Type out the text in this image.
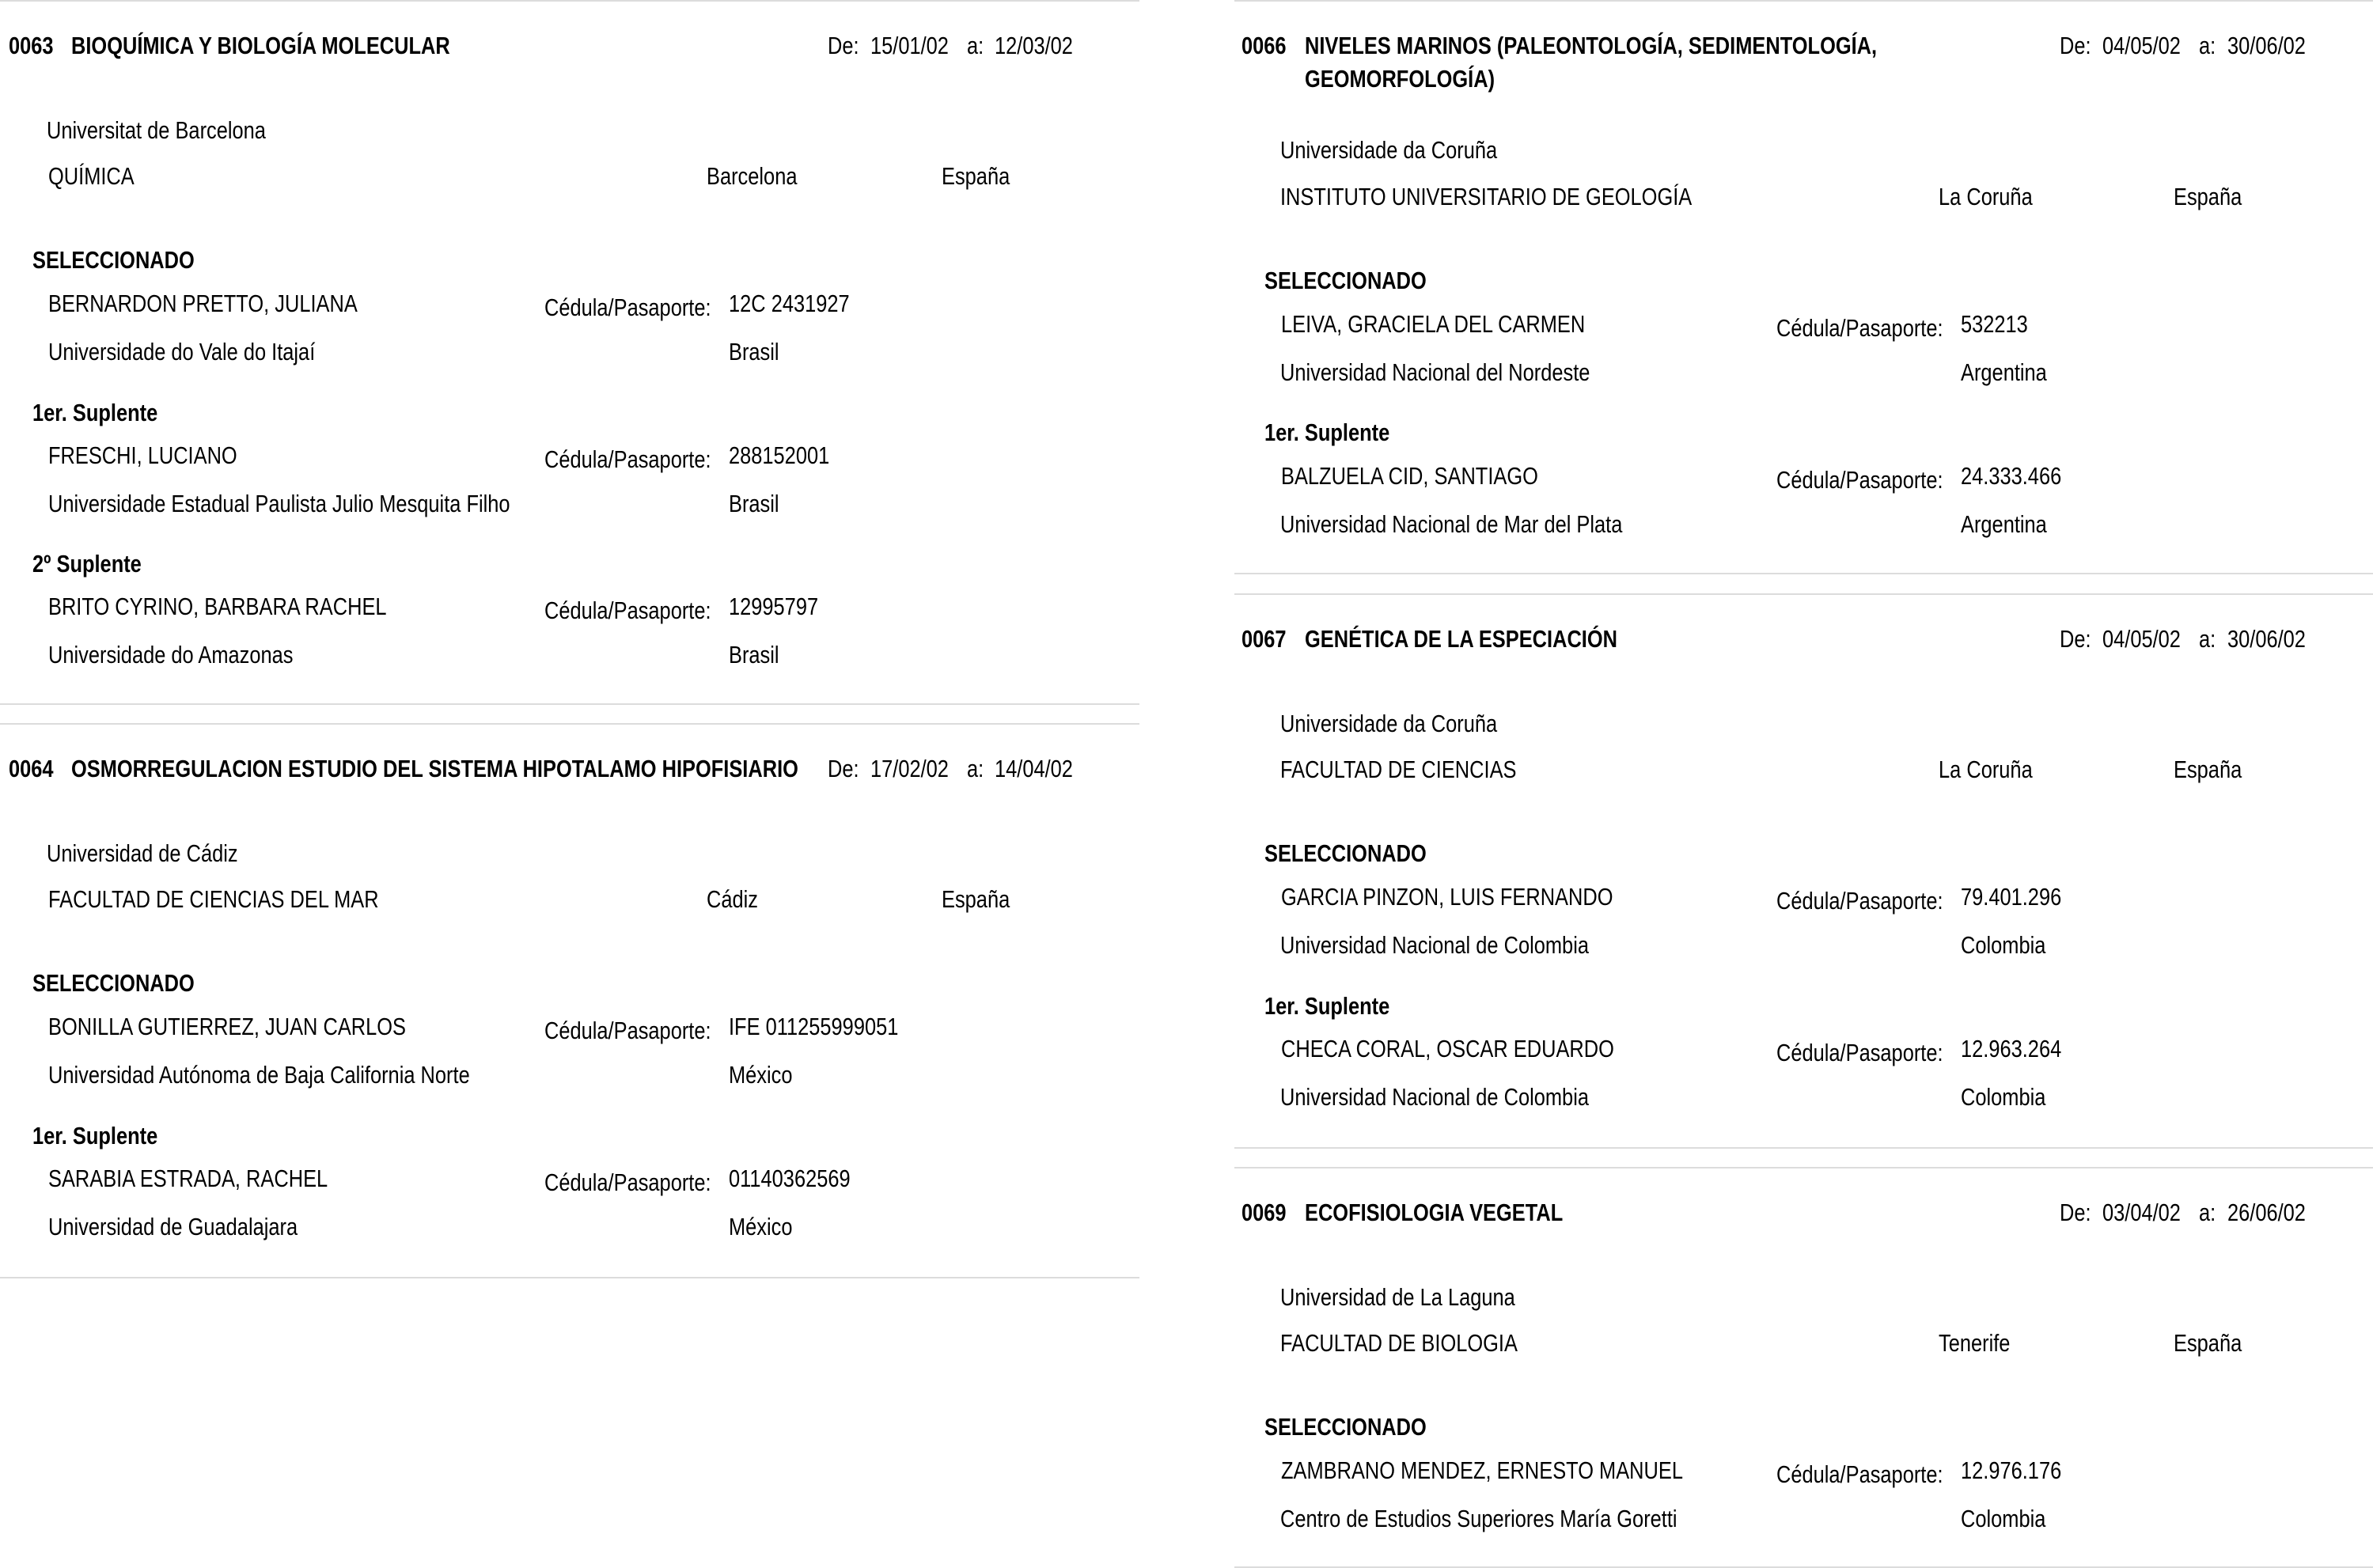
0063 BIOQUÍMICA Y BIOLOGÍA MOLECULAR	De: 15/01/02 a: 12/03/02
Universitat de Barcelona
QUÍMICA	Barcelona	España
SELECCIONADO
BERNARDON PRETTO, JULIANA	Cédula/Pasaporte: 12C 2431927
Universidade do Vale do Itajaí	Brasil
1er. Suplente
FRESCHI, LUCIANO	Cédula/Pasaporte: 288152001
Universidade Estadual Paulista Julio Mesquita Filho	Brasil
2º Suplente
BRITO CYRINO, BARBARA RACHEL	Cédula/Pasaporte: 12995797
Universidade do Amazonas	Brasil
0064 OSMORREGULACION ESTUDIO DEL SISTEMA HIPOTALAMO HIPOFISIARIO De: 17/02/02 a: 14/04/02
Universidad de Cádiz
FACULTAD DE CIENCIAS DEL MAR	Cádiz	España
SELECCIONADO
BONILLA GUTIERREZ, JUAN CARLOS	Cédula/Pasaporte: IFE 011255999051
Universidad Autónoma de Baja California Norte	México
1er. Suplente
SARABIA ESTRADA, RACHEL	Cédula/Pasaporte: 01140362569
Universidad de Guadalajara	México
0066 NIVELES MARINOS (PALEONTOLOGÍA, SEDIMENTOLOGÍA,
GEOMORFOLOGÍA)
De: 04/05/02 a: 30/06/02
Universidade da Coruña
INSTITUTO UNIVERSITARIO DE GEOLOGÍA	La Coruña	España
SELECCIONADO
LEIVA, GRACIELA DEL CARMEN	Cédula/Pasaporte: 532213
Universidad Nacional del Nordeste	Argentina
1er. Suplente
BALZUELA CID, SANTIAGO	Cédula/Pasaporte: 24.333.466
Universidad Nacional de Mar del Plata	Argentina
0067 GENÉTICA DE LA ESPECIACIÓN	De: 04/05/02 a: 30/06/02
Universidade da Coruña
FACULTAD DE CIENCIAS	La Coruña	España
SELECCIONADO
GARCIA PINZON, LUIS FERNANDO	Cédula/Pasaporte: 79.401.296
Universidad Nacional de Colombia	Colombia
1er. Suplente
CHECA CORAL, OSCAR EDUARDO	Cédula/Pasaporte: 12.963.264
Universidad Nacional de Colombia	Colombia
0069 ECOFISIOLOGIA VEGETAL	De: 03/04/02 a: 26/06/02
Universidad de La Laguna
FACULTAD DE BIOLOGIA	Tenerife	España
SELECCIONADO
ZAMBRANO MENDEZ, ERNESTO MANUEL	Cédula/Pasaporte: 12.976.176
Centro de Estudios Superiores María Goretti	Colombia
